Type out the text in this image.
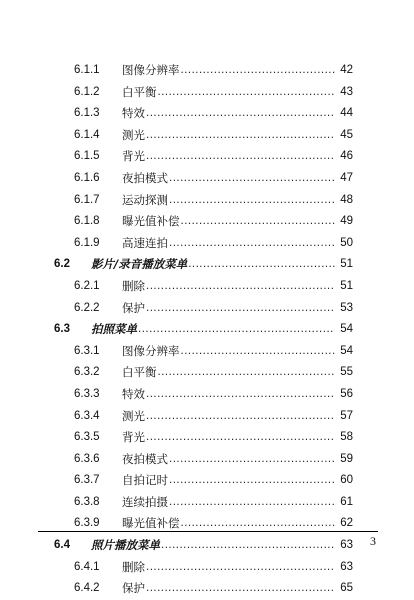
6.1.1 图像分辨率 .....	42
6.1.2 白平衡 .....	43
6.1.3 特效 .....	44
6.1.4 测光 .....	45
6.1.5 背光 .....	46
6.1.6 夜拍模式 .....	47
6.1.7 运动探测 .....	48
6.1.8 曝光值补偿 .....	49
6.1.9 高速连拍 .....	50
6.2 影片/录音播放菜单 .....	51
6.2.1 删除 .....	51
6.2.2 保护 .....	53
6.3 拍照菜单 .....	54
6.3.1 图像分辨率 .....	54
6.3.2 白平衡 .....	55
6.3.3 特效 .....	56
6.3.4 测光 .....	57
6.3.5 背光 .....	58
6.3.6 夜拍模式 .....	59
6.3.7 自拍记时 .....	60
6.3.8 连续拍摄 .....	61
6.3.9 曝光值补偿 .....	62
6.4 照片播放菜单 .....	63
6.4.1 删除 .....	63
6.4.2 保护 .....	65
3
